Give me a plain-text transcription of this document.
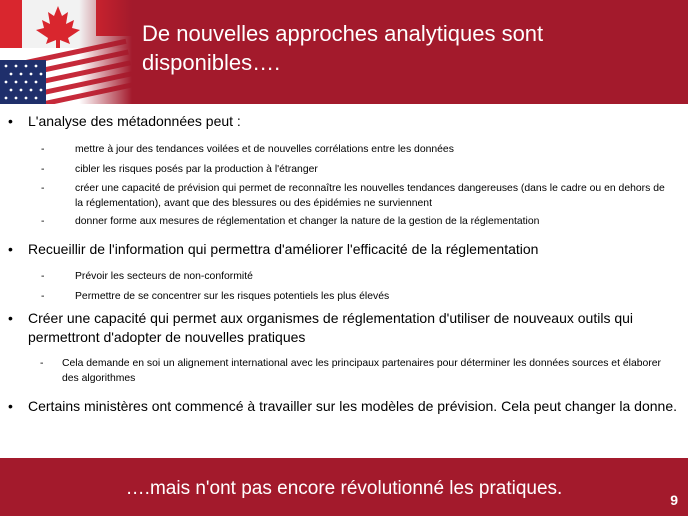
De nouvelles approches analytiques sont
disponibles….
• L'analyse des métadonnées peut :
-	mettre à jour des tendances voilées et de nouvelles corrélations entre les données
-	cibler les risques posés par la production à l'étranger
-	créer une capacité de prévision qui permet de reconnaître les nouvelles tendances dangereuses (dans le cadre ou en dehors de la réglementation), avant que des blessures ou des épidémies ne surviennent
-	donner forme aux mesures de réglementation et changer la nature de la gestion de la réglementation
• Recueillir de l'information qui permettra d'améliorer l'efficacité de la réglementation
-	Prévoir les secteurs de non-conformité
-	Permettre de se concentrer sur les risques potentiels les plus élevés
• Créer une capacité qui permet aux organismes de réglementation d'utiliser de nouveaux outils qui permettront d'adopter de nouvelles pratiques
- Cela demande en soi un alignement international avec les principaux partenaires pour déterminer les données sources et élaborer des algorithmes
• Certains ministères ont commencé à travailler sur les modèles de prévision. Cela peut changer la donne.
….mais n'ont pas encore révolutionné les pratiques.
9
